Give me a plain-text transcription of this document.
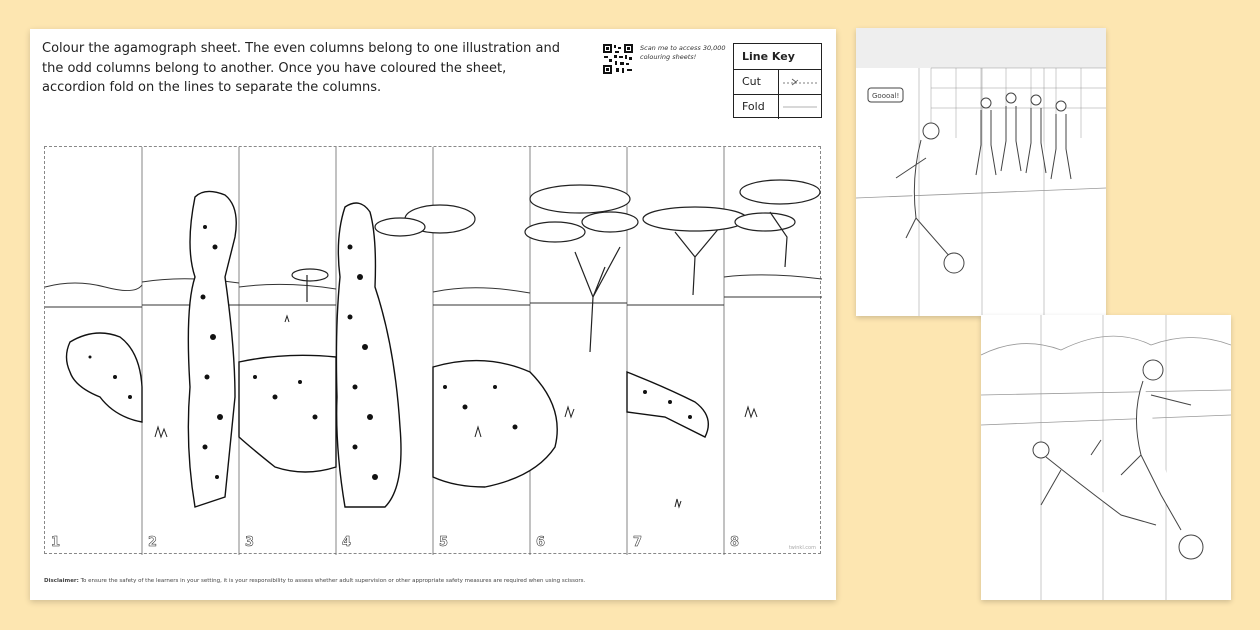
Colour the agamograph sheet. The even columns belong to one illustration and the odd columns belong to another. Once you have coloured the sheet, accordion fold on the lines to separate the columns.
Scan me to access 30,000 colouring sheets!	Line Key
Cut
Fold
1	2	3	4	5	6	7	8	twinkl.com
Disclaimer: To ensure the safety of the learners in your setting, it is your responsibility to assess whether adult supervision or other appropriate safety measures are required when using scissors.
Goooal!
